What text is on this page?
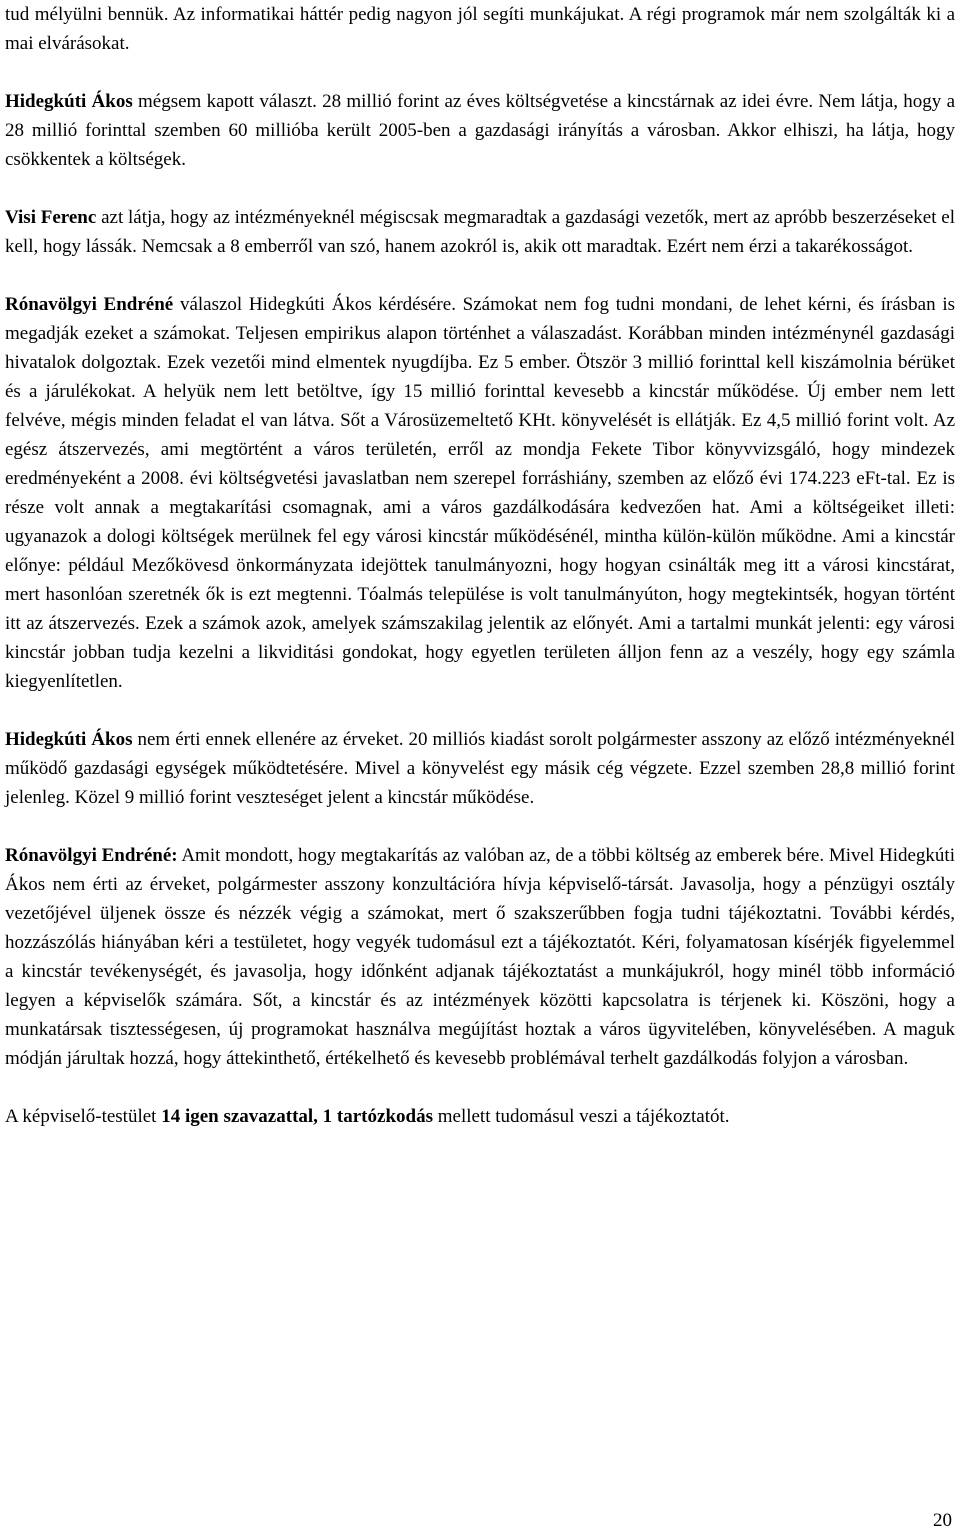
tud mélyülni bennük. Az informatikai háttér pedig nagyon jól segíti munkájukat. A régi programok már nem szolgálták ki a mai elvárásokat.

Hidegkúti Ákos mégsem kapott választ. 28 millió forint az éves költségvetése a kincstárnak az idei évre. Nem látja, hogy a 28 millió forinttal szemben 60 millióba került 2005-ben a gazdasági irányítás a városban. Akkor elhiszi, ha látja, hogy csökkentek a költségek.

Visi Ferenc azt látja, hogy az intézményeknél mégiscsak megmaradtak a gazdasági vezetők, mert az apróbb beszerzéseket el kell, hogy lássák. Nemcsak a 8 emberről van szó, hanem azokról is, akik ott maradtak. Ezért nem érzi a takarékosságot.

Rónavölgyi Endréné válaszol Hidegkúti Ákos kérdésére. Számokat nem fog tudni mondani, de lehet kérni, és írásban is megadják ezeket a számokat. Teljesen empirikus alapon történhet a válaszadást. Korábban minden intézménynél gazdasági hivatalok dolgoztak. Ezek vezetői mind elmentek nyugdíjba. Ez 5 ember. Ötször 3 millió forinttal kell kiszámolnia bérüket és a járulékokat. A helyük nem lett betöltve, így 15 millió forinttal kevesebb a kincstár működése. Új ember nem lett felvéve, mégis minden feladat el van látva. Sőt a Városüzemeltető KHt. könyvelését is ellátják. Ez 4,5 millió forint volt. Az egész átszervezés, ami megtörtént a város területén, erről az mondja Fekete Tibor könyvvizsgáló, hogy mindezek eredményeként a 2008. évi költségvetési javaslatban nem szerepel forráshiány, szemben az előző évi 174.223 eFt-tal. Ez is része volt annak a megtakarítási csomagnak, ami a város gazdálkodására kedvezően hat. Ami a költségeiket illeti: ugyanazok a dologi költségek merülnek fel egy városi kincstár működésénél, mintha külön-külön működne. Ami a kincstár előnye: például Mezőkövesd önkormányzata idejöttek tanulmányozni, hogy hogyan csinálták meg itt a városi kincstárat, mert hasonlóan szeretnék ők is ezt megtenni. Tóalmás települése is volt tanulmányúton, hogy megtekintsék, hogyan történt itt az átszervezés. Ezek a számok azok, amelyek számszakilag jelentik az előnyét. Ami a tartalmi munkát jelenti: egy városi kincstár jobban tudja kezelni a likviditási gondokat, hogy egyetlen területen álljon fenn az a veszély, hogy egy számla kiegyenlítetlen.

Hidegkúti Ákos nem érti ennek ellenére az érveket. 20 milliós kiadást sorolt polgármester asszony az előző intézményeknél működő gazdasági egységek működtetésére. Mivel a könyvelést egy másik cég végzete. Ezzel szemben 28,8 millió forint jelenleg. Közel 9 millió forint veszteséget jelent a kincstár működése.

Rónavölgyi Endréné: Amit mondott, hogy megtakarítás az valóban az, de a többi költség az emberek bére. Mivel Hidegkúti Ákos nem érti az érveket, polgármester asszony konzultációra hívja képviselő-társát. Javasolja, hogy a pénzügyi osztály vezetőjével üljenek össze és nézzék végig a számokat, mert ő szakszerűbben fogja tudni tájékoztatni. További kérdés, hozzászólás hiányában kéri a testületet, hogy vegyék tudomásul ezt a tájékoztatót. Kéri, folyamatosan kísérjék figyelemmel a kincstár tevékenységét, és javasolja, hogy időnként adjanak tájékoztatást a munkájukról, hogy minél több információ legyen a képviselők számára. Sőt, a kincstár és az intézmények közötti kapcsolatra is térjenek ki. Köszöni, hogy a munkatársak tisztességesen, új programokat használva megújítást hoztak a város ügyvitelében, könyvelésében. A maguk módján járultak hozzá, hogy áttekinthető, értékelhető és kevesebb problémával terhelt gazdálkodás folyjon a városban.

A képviselő-testület 14 igen szavazattal, 1 tartózkodás mellett tudomásul veszi a tájékoztatót.

20
